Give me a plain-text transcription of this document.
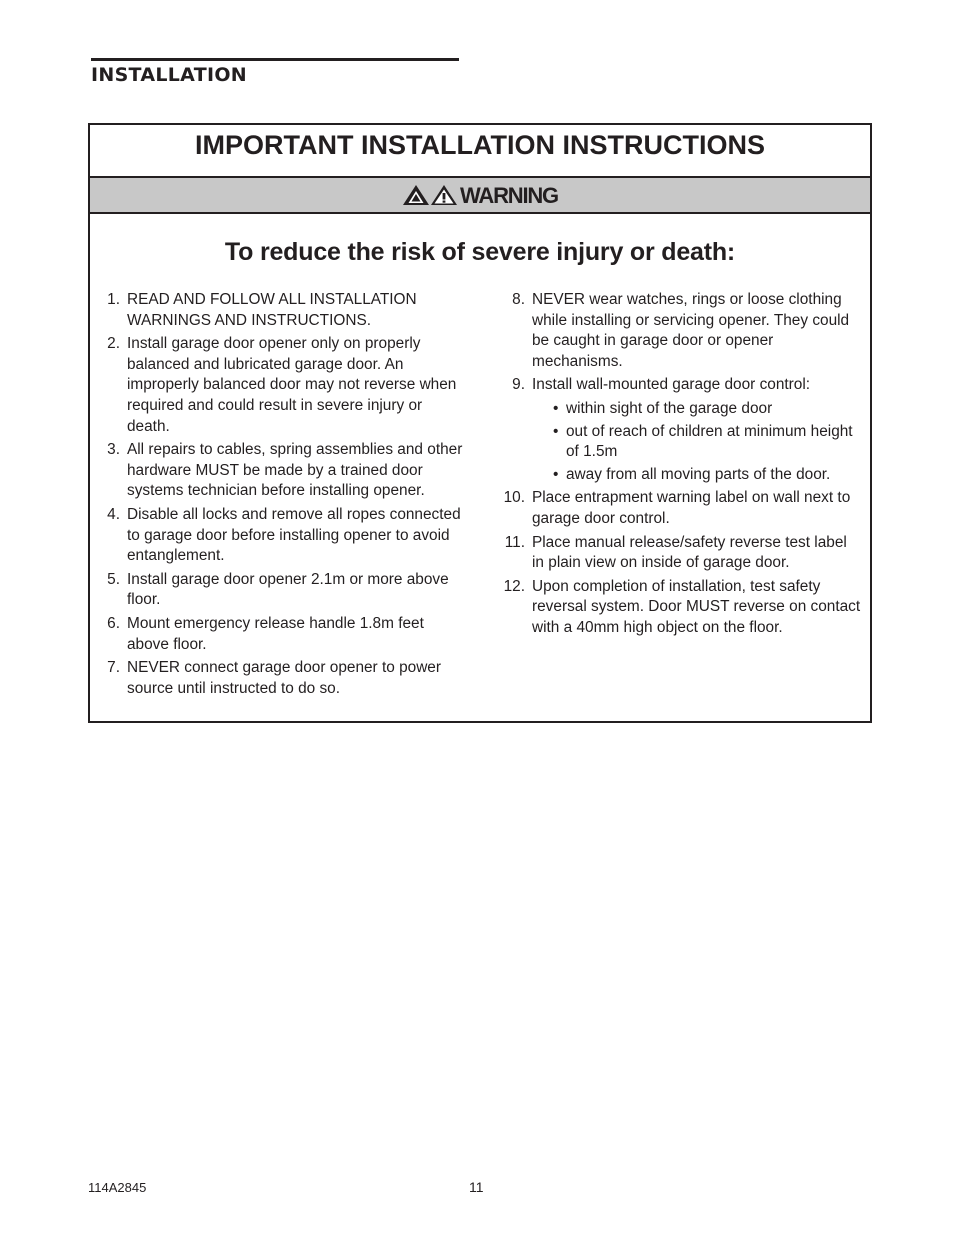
INSTALLATION
IMPORTANT INSTALLATION INSTRUCTIONS
WARNING
To reduce the risk of severe injury or death:
1. READ AND FOLLOW ALL INSTALLATION WARNINGS AND INSTRUCTIONS.
2. Install garage door opener only on properly balanced and lubricated garage door. An improperly balanced door may not reverse when required and could result in severe injury or death.
3. All repairs to cables, spring assemblies and other hardware MUST be made by a trained door systems technician before installing opener.
4. Disable all locks and remove all ropes connected to garage door before installing opener to avoid entanglement.
5. Install garage door opener 2.1m or more above floor.
6. Mount emergency release handle 1.8m feet above floor.
7. NEVER connect garage door opener to power source until instructed to do so.
8. NEVER wear watches, rings or loose clothing while installing or servicing opener. They could be caught in garage door or opener mechanisms.
9. Install wall-mounted garage door control:
• within sight of the garage door
• out of reach of children at minimum height of 1.5m
• away from all moving parts of the door.
10. Place entrapment warning label on wall next to garage door control.
11. Place manual release/safety reverse test label in plain view on inside of garage door.
12. Upon completion of installation, test safety reversal system. Door MUST reverse on contact with a 40mm high object on the floor.
114A2845	11
